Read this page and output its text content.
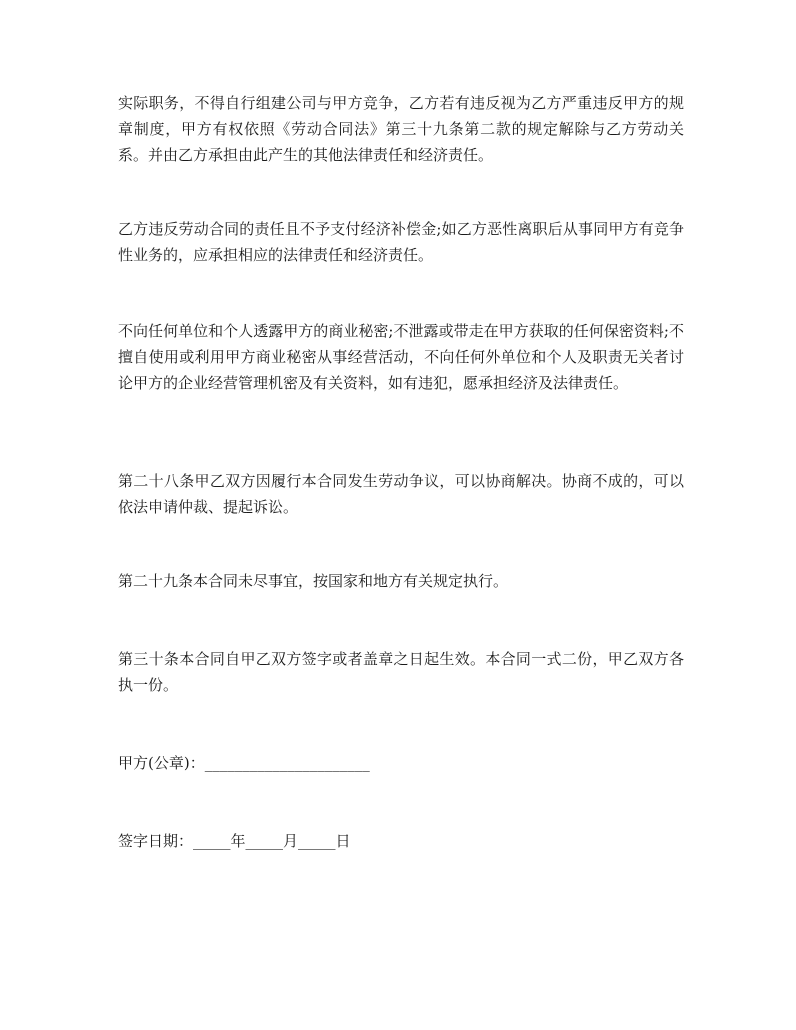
实际职务，不得自行组建公司与甲方竞争，乙方若有违反视为乙方严重违反甲方的规章制度，甲方有权依照《劳动合同法》第三十九条第二款的规定解除与乙方劳动关系。并由乙方承担由此产生的其他法律责任和经济责任。

乙方违反劳动合同的责任且不予支付经济补偿金;如乙方恶性离职后从事同甲方有竞争性业务的，应承担相应的法律责任和经济责任。

不向任何单位和个人透露甲方的商业秘密;不泄露或带走在甲方获取的任何保密资料;不擅自使用或利用甲方商业秘密从事经营活动，不向任何外单位和个人及职责无关者讨论甲方的企业经营管理机密及有关资料，如有违犯，愿承担经济及法律责任。

第二十八条甲乙双方因履行本合同发生劳动争议，可以协商解决。协商不成的，可以依法申请仲裁、提起诉讼。

第二十九条本合同未尽事宜，按国家和地方有关规定执行。

第三十条本合同自甲乙双方签字或者盖章之日起生效。本合同一式二份，甲乙双方各执一份。

甲方(公章)：______________________

签字日期：_____年_____月_____日
